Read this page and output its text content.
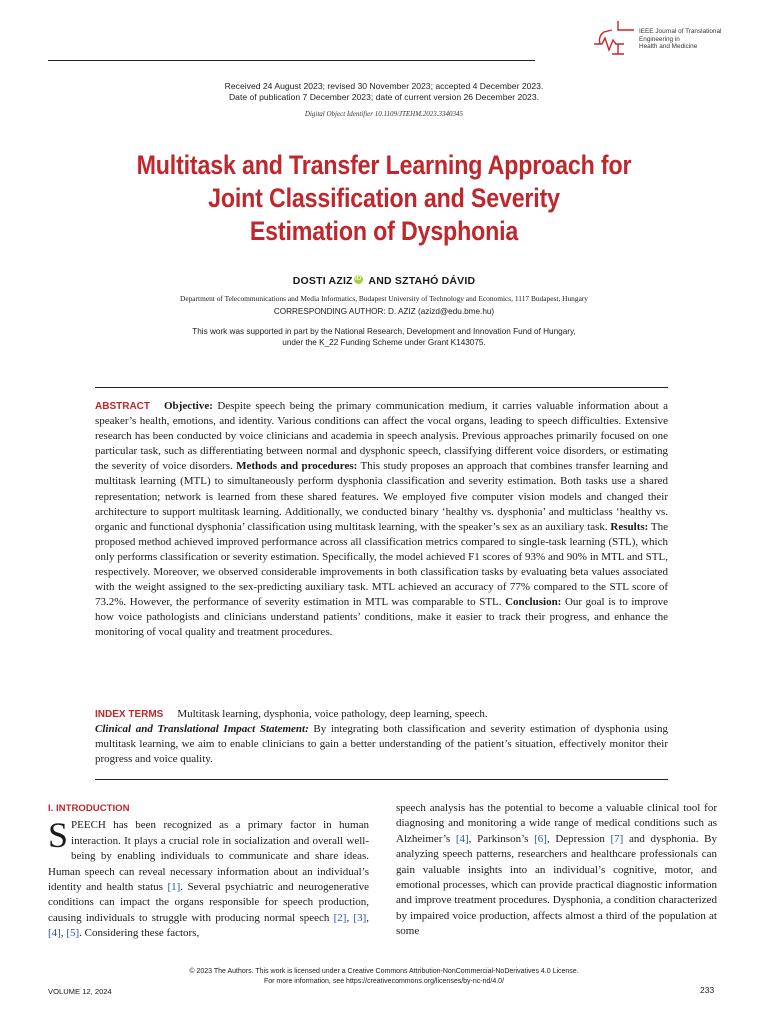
IEEE Journal of Translational
Engineering in
Health and Medicine
Received 24 August 2023; revised 30 November 2023; accepted 4 December 2023.
Date of publication 7 December 2023; date of current version 26 December 2023.
Digital Object Identifier 10.1109/JTEHM.2023.3340345
Multitask and Transfer Learning Approach for
Joint Classification and Severity
Estimation of Dysphonia
DOSTI AZIZ iD AND SZTAHÓ DÁVID
Department of Telecommunications and Media Informatics, Budapest University of Technology and Economics, 1117 Budapest, Hungary
CORRESPONDING AUTHOR: D. AZIZ (azizd@edu.bme.hu)
This work was supported in part by the National Research, Development and Innovation Fund of Hungary,
under the K_22 Funding Scheme under Grant K143075.
ABSTRACT Objective: Despite speech being the primary communication medium, it carries valuable information about a speaker’s health, emotions, and identity. Various conditions can affect the vocal organs, leading to speech difficulties. Extensive research has been conducted by voice clinicians and academia in speech analysis. Previous approaches primarily focused on one particular task, such as differentiating between normal and dysphonic speech, classifying different voice disorders, or estimating the severity of voice disorders. Methods and procedures: This study proposes an approach that combines transfer learning and multitask learning (MTL) to simultaneously perform dysphonia classification and severity estimation. Both tasks use a shared representation; network is learned from these shared features. We employed five computer vision models and changed their architecture to support multitask learning. Additionally, we conducted binary ‘healthy vs. dysphonia’ and multiclass ‘healthy vs. organic and functional dysphonia’ classification using multitask learning, with the speaker’s sex as an auxiliary task. Results: The proposed method achieved improved performance across all classification metrics compared to single-task learning (STL), which only performs classification or severity estimation. Specifically, the model achieved F1 scores of 93% and 90% in MTL and STL, respectively. Moreover, we observed considerable improvements in both classification tasks by evaluating beta values associated with the weight assigned to the sex-predicting auxiliary task. MTL achieved an accuracy of 77% compared to the STL score of 73.2%. However, the performance of severity estimation in MTL was comparable to STL. Conclusion: Our goal is to improve how voice pathologists and clinicians understand patients’ conditions, make it easier to track their progress, and enhance the monitoring of vocal quality and treatment procedures.
INDEX TERMS Multitask learning, dysphonia, voice pathology, deep learning, speech.
Clinical and Translational Impact Statement: By integrating both classification and severity estimation of dysphonia using multitask learning, we aim to enable clinicians to gain a better understanding of the patient’s situation, effectively monitor their progress and voice quality.
I. INTRODUCTION
S PEECH has been recognized as a primary factor in human interaction. It plays a crucial role in socialization and overall well-being by enabling individuals to communicate and share ideas. Human speech can reveal necessary information about an individual’s identity and health status [1]. Several psychiatric and neurogenerative conditions can impact the organs responsible for speech production, causing individuals to struggle with producing normal speech [2], [3], [4], [5]. Considering these factors,
speech analysis has the potential to become a valuable clinical tool for diagnosing and monitoring a wide range of medical conditions such as Alzheimer’s [4], Parkinson’s [6], Depression [7] and dysphonia. By analyzing speech patterns, researchers and healthcare professionals can gain valuable insights into an individual’s cognitive, motor, and emotional processes, which can provide practical diagnostic information and improve treatment procedures. Dysphonia, a condition characterized by impaired voice production, affects almost a third of the population at some
© 2023 The Authors. This work is licensed under a Creative Commons Attribution-NonCommercial-NoDerivatives 4.0 License.
For more information, see https://creativecommons.org/licenses/by-nc-nd/4.0/
VOLUME 12, 2024	233
